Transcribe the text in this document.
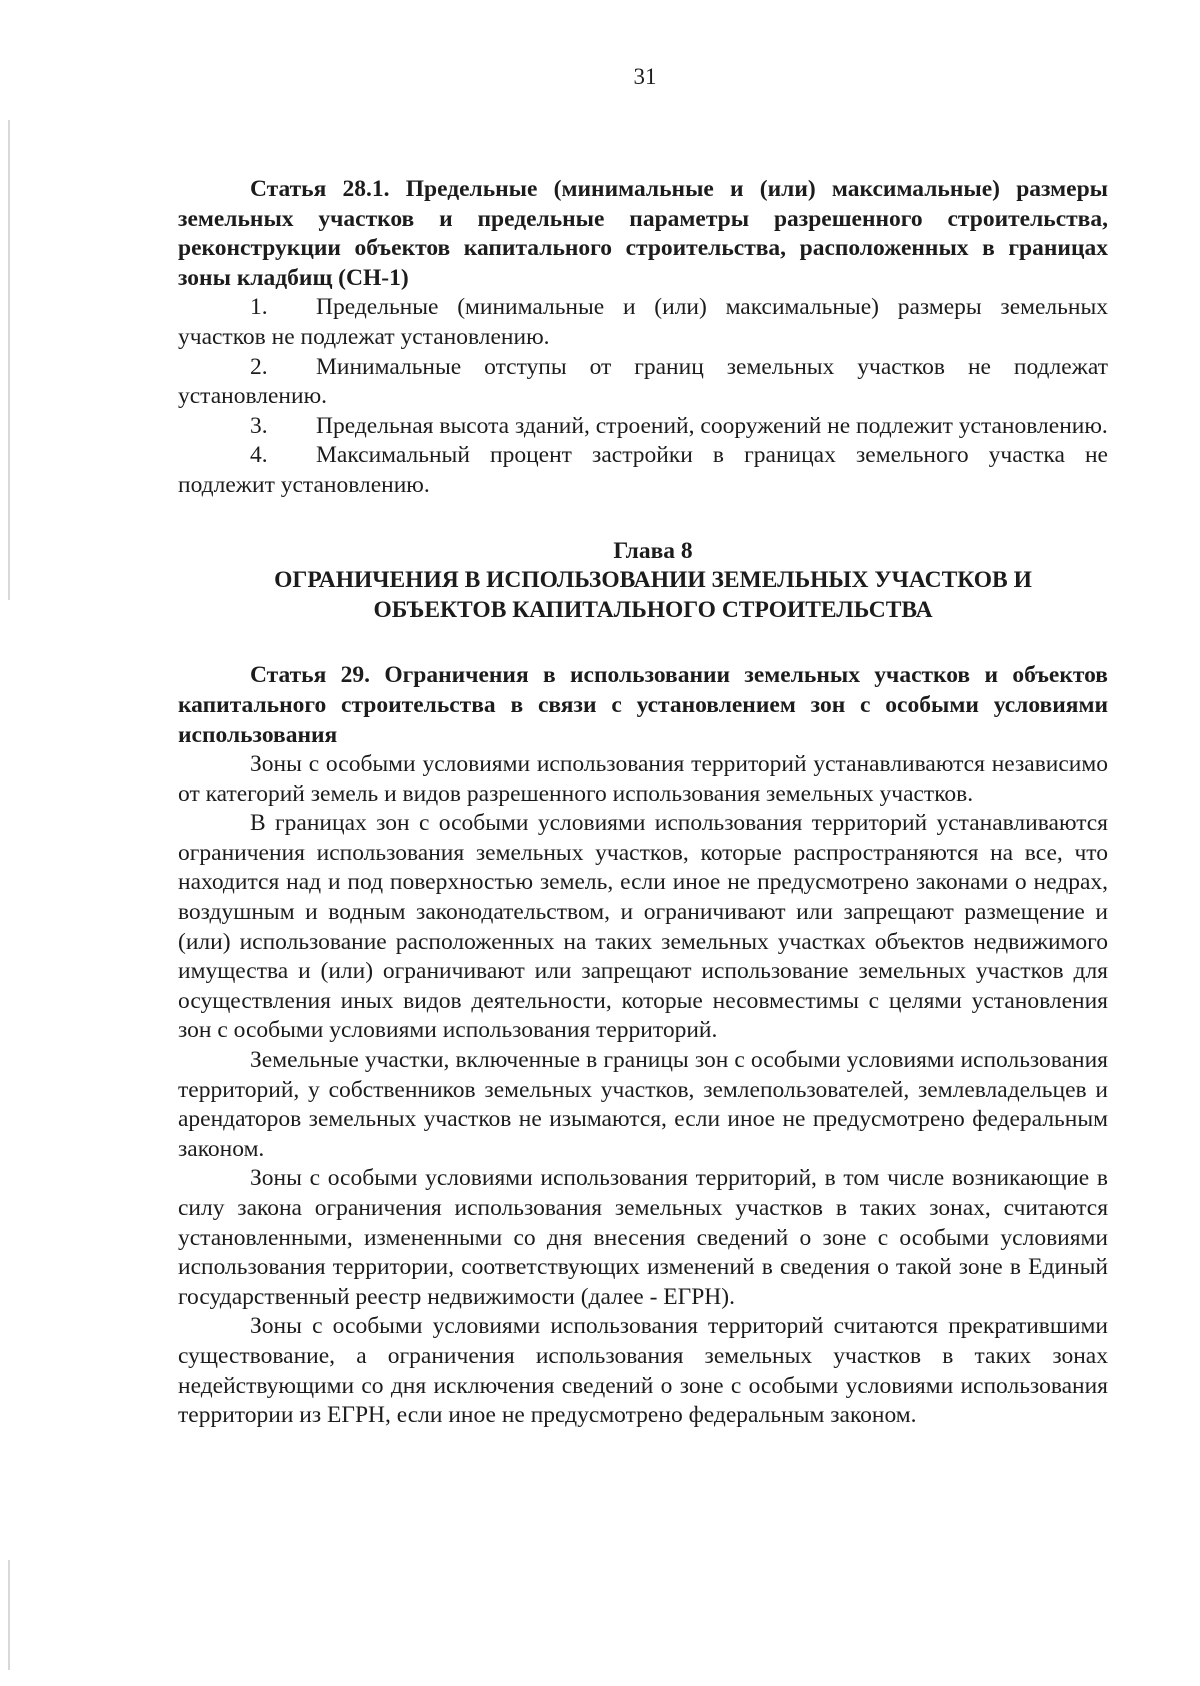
31

Статья 28.1. Предельные (минимальные и (или) максимальные) размеры земельных участков и предельные параметры разрешенного строительства, реконструкции объектов капитального строительства, расположенных в границах зоны кладбищ (СН-1)

1. Предельные (минимальные и (или) максимальные) размеры земельных участков не подлежат установлению.

2. Минимальные отступы от границ земельных участков не подлежат установлению.

3. Предельная высота зданий, строений, сооружений не подлежит установлению.

4. Максимальный процент застройки в границах земельного участка не подлежит установлению.

Глава 8

ОГРАНИЧЕНИЯ В ИСПОЛЬЗОВАНИИ ЗЕМЕЛЬНЫХ УЧАСТКОВ И

ОБЪЕКТОВ КАПИТАЛЬНОГО СТРОИТЕЛЬСТВА

Статья 29. Ограничения в использовании земельных участков и объектов капитального строительства в связи с установлением зон с особыми условиями использования

Зоны с особыми условиями использования территорий устанавливаются независимо от категорий земель и видов разрешенного использования земельных участков.

В границах зон с особыми условиями использования территорий устанавливаются ограничения использования земельных участков, которые распространяются на все, что находится над и под поверхностью земель, если иное не предусмотрено законами о недрах, воздушным и водным законодательством, и ограничивают или запрещают размещение и (или) использование расположенных на таких земельных участках объектов недвижимого имущества и (или) ограничивают или запрещают использование земельных участков для осуществления иных видов деятельности, которые несовместимы с целями установления зон с особыми условиями использования территорий.

Земельные участки, включенные в границы зон с особыми условиями использования территорий, у собственников земельных участков, землепользователей, землевладельцев и арендаторов земельных участков не изымаются, если иное не предусмотрено федеральным законом.

Зоны с особыми условиями использования территорий, в том числе возникающие в силу закона ограничения использования земельных участков в таких зонах, считаются установленными, измененными со дня внесения сведений о зоне с особыми условиями использования территории, соответствующих изменений в сведения о такой зоне в Единый государственный реестр недвижимости (далее - ЕГРН).

Зоны с особыми условиями использования территорий считаются прекратившими существование, а ограничения использования земельных участков в таких зонах недействующими со дня исключения сведений о зоне с особыми условиями использования территории из ЕГРН, если иное не предусмотрено федеральным законом.
